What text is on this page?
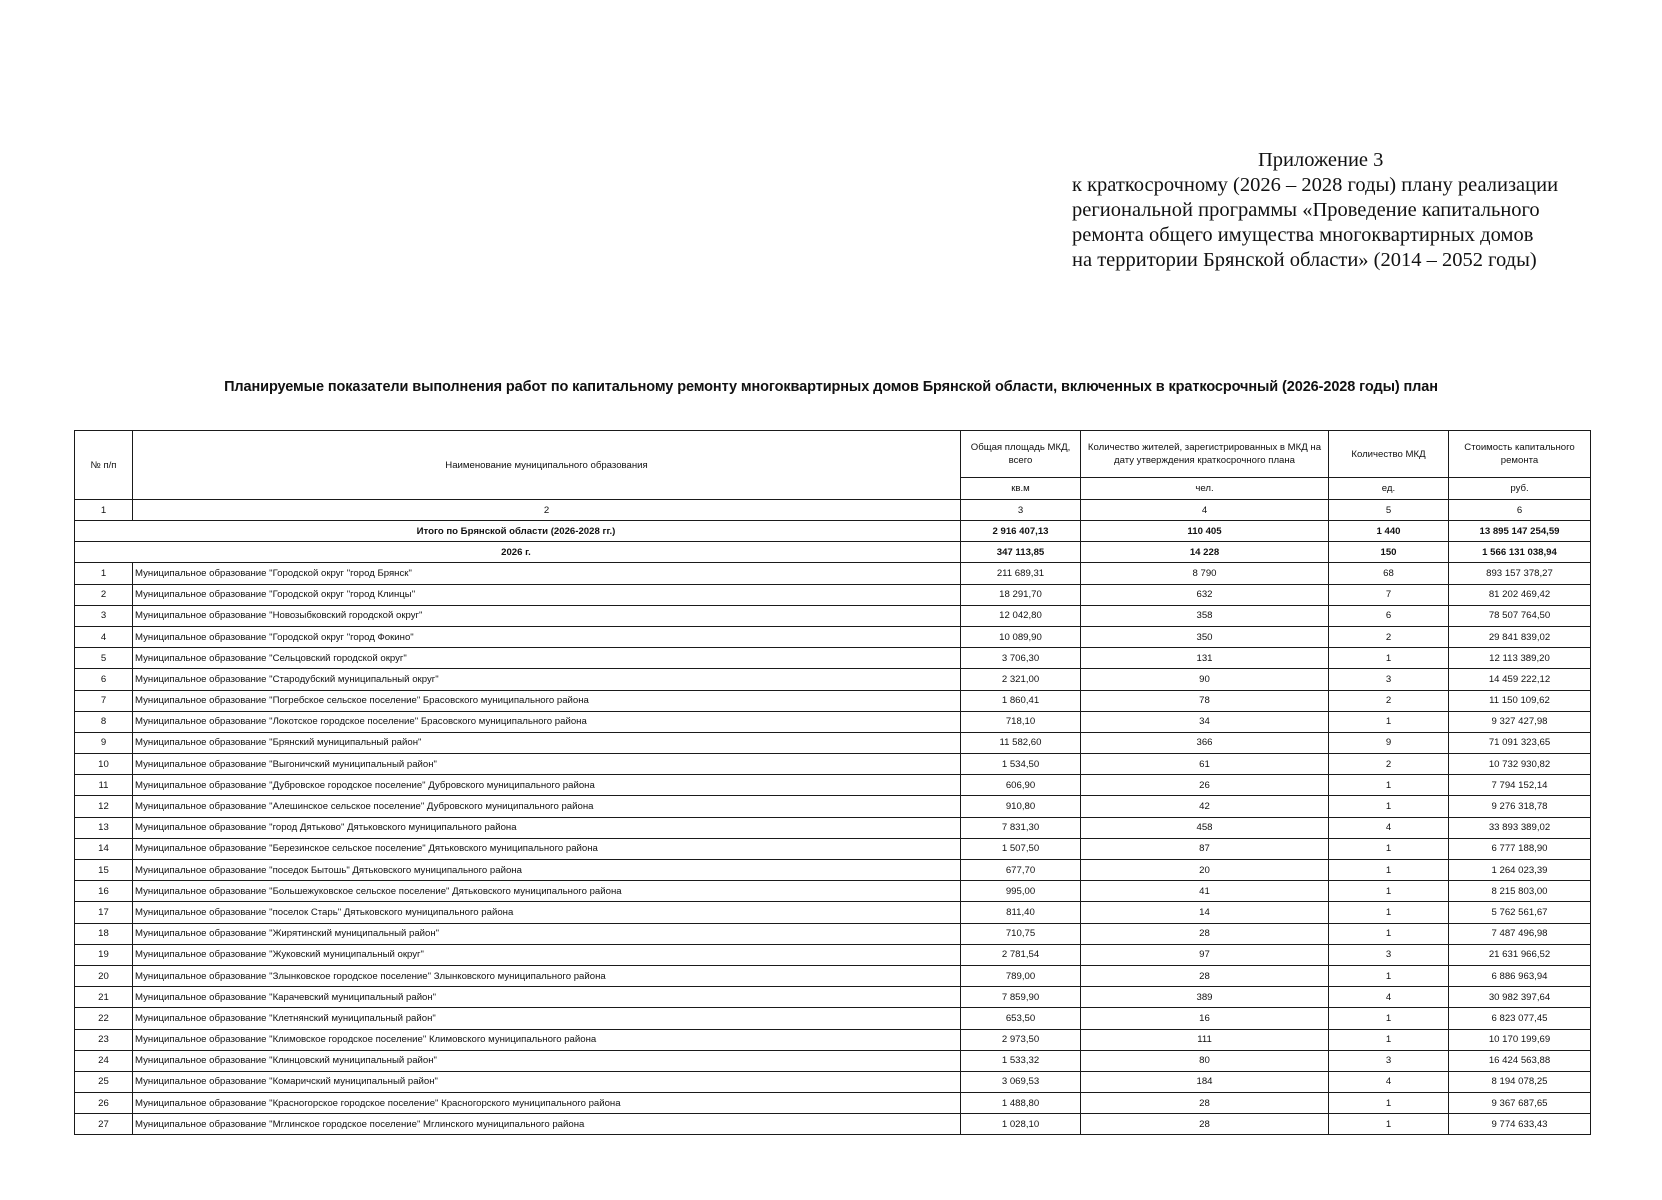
Приложение 3
к краткосрочному (2026 – 2028 годы) плану реализации
региональной программы «Проведение капитального
ремонта общего имущества многоквартирных домов
на территории Брянской области» (2014 – 2052 годы)
Планируемые показатели выполнения работ по капитальному ремонту многоквартирных домов Брянской области, включенных в краткосрочный (2026-2028 годы) план
№ п/п	Наименование муниципального образования	Общая площадь МКД, всего	Количество жителей, зарегистрированных в МКД на дату утверждения краткосрочного плана	Количество МКД	Стоимость капитального ремонта
		кв.м	чел.	ед.	руб.
1	2	3	4	5	6
Итого по Брянской области (2026-2028 гг.)		2 916 407,13	110 405	1 440	13 895 147 254,59
2026 г.		347 113,85	14 228	150	1 566 131 038,94
1	Муниципальное образование "Городской округ "город Брянск"	211 689,31	8 790	68	893 157 378,27
2	Муниципальное образование "Городской округ "город Клинцы"	18 291,70	632	7	81 202 469,42
3	Муниципальное образование "Новозыбковский городской округ"	12 042,80	358	6	78 507 764,50
4	Муниципальное образование "Городской округ "город Фокино"	10 089,90	350	2	29 841 839,02
5	Муниципальное образование "Сельцовский городской округ"	3 706,30	131	1	12 113 389,20
6	Муниципальное образование "Стародубский муниципальный округ"	2 321,00	90	3	14 459 222,12
7	Муниципальное образование "Погребское сельское поселение" Брасовского муниципального района	1 860,41	78	2	11 150 109,62
8	Муниципальное образование "Локотское городское поселение" Брасовского муниципального района	718,10	34	1	9 327 427,98
9	Муниципальное образование "Брянский муниципальный район"	11 582,60	366	9	71 091 323,65
10	Муниципальное образование "Выгоничский муниципальный район"	1 534,50	61	2	10 732 930,82
11	Муниципальное образование "Дубровское городское поселение" Дубровского муниципального района	606,90	26	1	7 794 152,14
12	Муниципальное образование "Алешинское сельское поселение" Дубровского муниципального района	910,80	42	1	9 276 318,78
13	Муниципальное образование "город Дятьково" Дятьковского муниципального района	7 831,30	458	4	33 893 389,02
14	Муниципальное образование "Березинское сельское поселение" Дятьковского муниципального района	1 507,50	87	1	6 777 188,90
15	Муниципальное образование "поседок Бытошь" Дятьковского муниципального района	677,70	20	1	1 264 023,39
16	Муниципальное образование "Большежуковское сельское поселение" Дятьковского муниципального района	995,00	41	1	8 215 803,00
17	Муниципальное образование "поселок Старь" Дятьковского муниципального района	811,40	14	1	5 762 561,67
18	Муниципальное образование "Жирятинский муниципальный район"	710,75	28	1	7 487 496,98
19	Муниципальное образование "Жуковский муниципальный округ"	2 781,54	97	3	21 631 966,52
20	Муниципальное образование "Злынковское городское поселение" Злынковского муниципального района	789,00	28	1	6 886 963,94
21	Муниципальное образование "Карачевский муниципальный район"	7 859,90	389	4	30 982 397,64
22	Муниципальное образование "Клетнянский муниципальный район"	653,50	16	1	6 823 077,45
23	Муниципальное образование "Климовское городское поселение" Климовского муниципального района	2 973,50	111	1	10 170 199,69
24	Муниципальное образование "Клинцовский муниципальный район"	1 533,32	80	3	16 424 563,88
25	Муниципальное образование "Комаричский муниципальный район"	3 069,53	184	4	8 194 078,25
26	Муниципальное образование "Красногорское городское поселение" Красногорского муниципального района	1 488,80	28	1	9 367 687,65
27	Муниципальное образование "Мглинское городское поселение" Мглинского муниципального района	1 028,10	28	1	9 774 633,43
